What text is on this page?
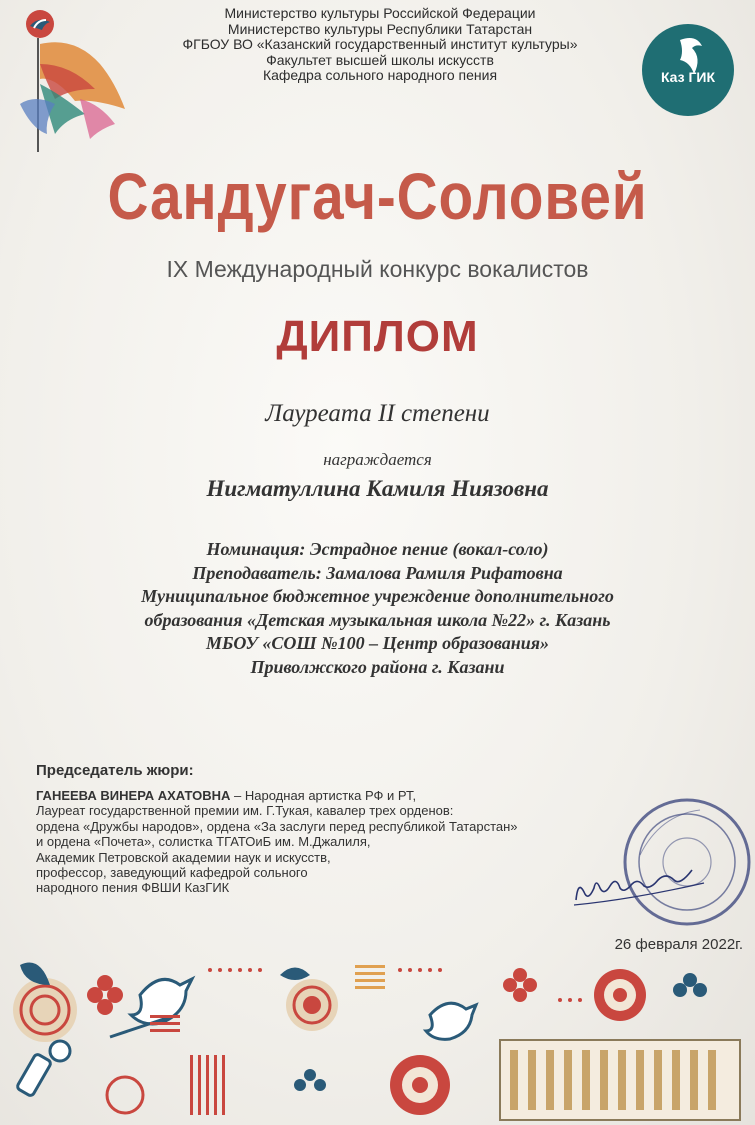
Министерство культуры Российской Федерации
Министерство культуры Республики Татарстан
ФГБОУ ВО «Казанский государственный институт культуры»
Факультет высшей школы искусств
Кафедра сольного народного пения	Каз ГИК
Сандугач-Соловей
IX Международный конкурс вокалистов
ДИПЛОМ
Лауреата II степени
награждается
Нигматуллина Камиля Ниязовна
Номинация: Эстрадное пение (вокал-соло)
Преподаватель: Замалова Рамиля Рифатовна
Муниципальное бюджетное учреждение дополнительного
образования «Детская музыкальная школа №22» г. Казань
МБОУ «СОШ №100 – Центр образования»
Приволжского района г. Казани
Председатель жюри:
ГАНЕЕВА ВИНЕРА АХАТОВНА – Народная артистка РФ и РТ,
Лауреат государственной премии им. Г.Тукая, кавалер трех орденов:
ордена «Дружбы народов», ордена «За заслуги перед республикой Татарстан»
и ордена «Почета», солистка ТГАТОиБ им. М.Джалиля,
Академик Петровской академии наук и искусств,
профессор, заведующий кафедрой сольного
народного пения ФВШИ КазГИК
26 февраля 2022г.
